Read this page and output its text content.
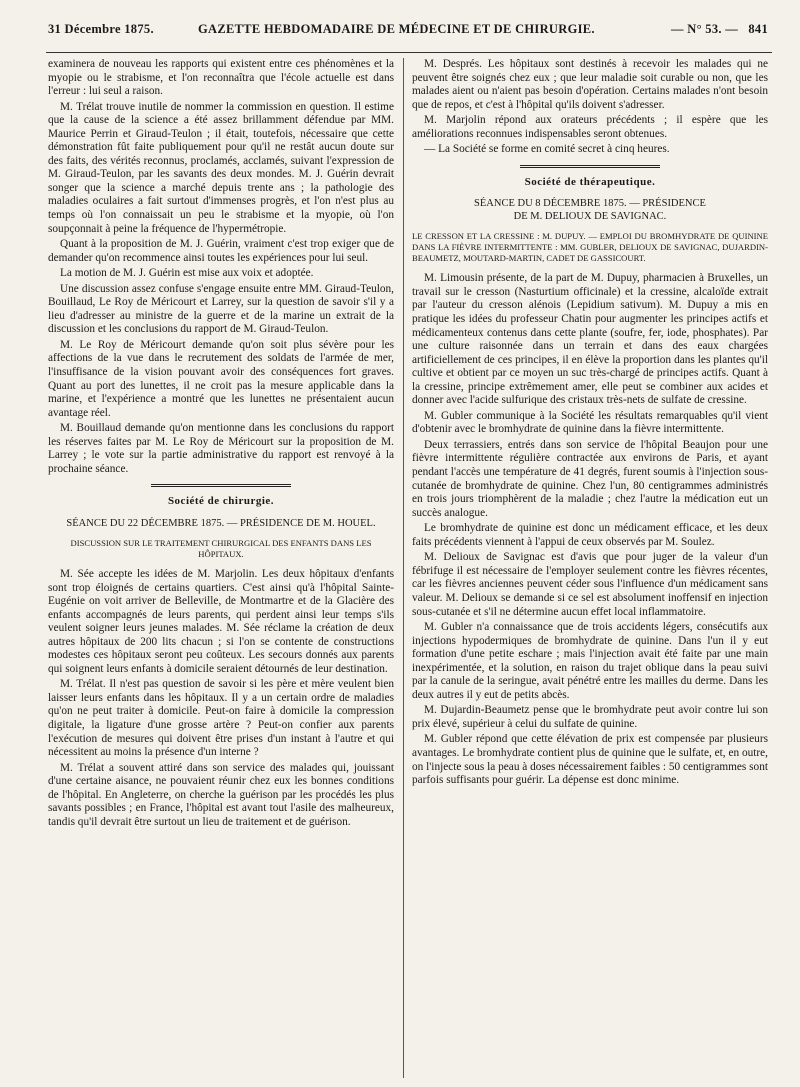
31 Décembre 1875.	GAZETTE HEBDOMADAIRE DE MÉDECINE ET DE CHIRURGIE.	— N° 53. — 841

examinera de nouveau les rapports qui existent entre ces phénomènes et la myopie ou le strabisme, et l'on reconnaîtra que l'école actuelle est dans l'erreur : lui seul a raison.

M. Trélat trouve inutile de nommer la commission en question. Il estime que la cause de la science a été assez brillamment défendue par MM. Maurice Perrin et Giraud-Teulon ; il était, toutefois, nécessaire que cette démonstration fût faite publiquement pour qu'il ne restât aucun doute sur des faits, des vérités reconnus, proclamés, acclamés, suivant l'expression de M. Giraud-Teulon, par les savants des deux mondes. M. J. Guérin devrait songer que la science a marché depuis trente ans ; la pathologie des maladies oculaires a fait surtout d'immenses progrès, et l'on n'est plus au temps où l'on connaissait un peu le strabisme et la myopie, où l'on soupçonnait à peine la fréquence de l'hypermétropie.

Quant à la proposition de M. J. Guérin, vraiment c'est trop exiger que de demander qu'on recommence ainsi toutes les expériences pour lui seul.

La motion de M. J. Guérin est mise aux voix et adoptée.

Une discussion assez confuse s'engage ensuite entre MM. Giraud-Teulon, Bouillaud, Le Roy de Méricourt et Larrey, sur la question de savoir s'il y a lieu d'adresser au ministre de la guerre et de la marine un extrait de la discussion et les conclusions du rapport de M. Giraud-Teulon.

M. Le Roy de Méricourt demande qu'on soit plus sévère pour les affections de la vue dans le recrutement des soldats de l'armée de mer, l'insuffisance de la vision pouvant avoir des conséquences fort graves. Quant au port des lunettes, il ne croit pas la mesure applicable dans la marine, et l'expérience a montré que les lunettes ne présentaient aucun avantage réel.

M. Bouillaud demande qu'on mentionne dans les conclusions du rapport les réserves faites par M. Le Roy de Méricourt sur la proposition de M. Larrey ; le vote sur la partie administrative du rapport est renvoyé à la prochaine séance.

Société de chirurgie.
SÉANCE DU 22 DÉCEMBRE 1875. — PRÉSIDENCE DE M. HOUEL.

DISCUSSION SUR LE TRAITEMENT CHIRURGICAL DES ENFANTS DANS LES HÔPITAUX.

M. Sée accepte les idées de M. Marjolin. Les deux hôpitaux d'enfants sont trop éloignés de certains quartiers. C'est ainsi qu'à l'hôpital Sainte-Eugénie on voit arriver de Belleville, de Montmartre et de la Glacière des enfants accompagnés de leurs parents, qui perdent ainsi leur temps s'ils veulent soigner leurs jeunes malades. M. Sée réclame la création de deux autres hôpitaux de 200 lits chacun ; si l'on se contente de constructions modestes ces hôpitaux seront peu coûteux. Les secours donnés aux parents qui soignent leurs enfants à domicile seraient détournés de leur destination.

M. Trélat. Il n'est pas question de savoir si les père et mère veulent bien laisser leurs enfants dans les hôpitaux. Il y a un certain ordre de maladies qu'on ne peut traiter à domicile. Peut-on faire à domicile la compression digitale, la ligature d'une grosse artère ? Peut-on confier aux parents l'exécution de mesures qui doivent être prises d'un instant à l'autre et qui nécessitent au moins la présence d'un interne ?

M. Trélat a souvent attiré dans son service des malades qui, jouissant d'une certaine aisance, ne pouvaient réunir chez eux les bonnes conditions de l'hôpital. En Angleterre, on cherche la guérison par les procédés les plus savants possibles ; en France, l'hôpital est avant tout l'asile des malheureux, tandis qu'il devrait être surtout un lieu de traitement et de guérison.

M. Després. Les hôpitaux sont destinés à recevoir les malades qui ne peuvent être soignés chez eux ; que leur maladie soit curable ou non, que les malades aient ou n'aient pas besoin d'opération. Certains malades n'ont besoin que de repos, et c'est à l'hôpital qu'ils doivent s'adresser.

M. Marjolin répond aux orateurs précédents ; il espère que les améliorations reconnues indispensables seront obtenues.

— La Société se forme en comité secret à cinq heures.

Société de thérapeutique.
SÉANCE DU 8 DÉCEMBRE 1875. — PRÉSIDENCE
DE M. DELIOUX DE SAVIGNAC.

LE CRESSON ET LA CRESSINE : M. DUPUY. — EMPLOI DU BROMHYDRATE DE QUININE DANS LA FIÈVRE INTERMITTENTE : MM. GUBLER, DELIOUX DE SAVIGNAC, DUJARDIN-BEAUMETZ, MOUTARD-MARTIN, CADET DE GASSICOURT.

M. Limousin présente, de la part de M. Dupuy, pharmacien à Bruxelles, un travail sur le cresson (Nasturtium officinale) et la cressine, alcaloïde extrait par l'auteur du cresson alénois (Lepidium sativum). M. Dupuy a mis en pratique les idées du professeur Chatin pour augmenter les principes actifs et médicamenteux contenus dans cette plante (soufre, fer, iode, phosphates). Par une culture raisonnée dans un terrain et dans des eaux chargées artificiellement de ces principes, il en élève la proportion dans les plantes qu'il cultive et obtient par ce moyen un suc très-chargé de principes actifs. Quant à la cressine, principe extrêmement amer, elle peut se combiner aux acides et donner avec l'acide sulfurique des cristaux très-nets de sulfate de cressine.

M. Gubler communique à la Société les résultats remarquables qu'il vient d'obtenir avec le bromhydrate de quinine dans la fièvre intermittente.

Deux terrassiers, entrés dans son service de l'hôpital Beaujon pour une fièvre intermittente régulière contractée aux environs de Paris, et ayant pendant l'accès une température de 41 degrés, furent soumis à l'injection sous-cutanée de bromhydrate de quinine. Chez l'un, 80 centigrammes administrés en trois jours triomphèrent de la maladie ; chez l'autre la médication eut un succès analogue.

Le bromhydrate de quinine est donc un médicament efficace, et les deux faits précédents viennent à l'appui de ceux observés par M. Soulez.

M. Delioux de Savignac est d'avis que pour juger de la valeur d'un fébrifuge il est nécessaire de l'employer seulement contre les fièvres récentes, car les fièvres anciennes peuvent céder sous l'influence d'un médicament sans valeur. M. Delioux se demande si ce sel est absolument inoffensif en injection sous-cutanée et s'il ne détermine aucun effet local inflammatoire.

M. Gubler n'a connaissance que de trois accidents légers, consécutifs aux injections hypodermiques de bromhydrate de quinine. Dans l'un il y eut formation d'une petite eschare ; mais l'injection avait été faite par une main inexpérimentée, et la solution, en raison du trajet oblique dans la peau suivi par la canule de la seringue, avait pénétré entre les mailles du derme. Dans les deux autres il y eut de petits abcès.

M. Dujardin-Beaumetz pense que le bromhydrate peut avoir contre lui son prix élevé, supérieur à celui du sulfate de quinine.

M. Gubler répond que cette élévation de prix est compensée par plusieurs avantages. Le bromhydrate contient plus de quinine que le sulfate, et, en outre, on l'injecte sous la peau à doses nécessairement faibles : 50 centigrammes sont parfois suffisants pour guérir. La dépense est donc minime.
